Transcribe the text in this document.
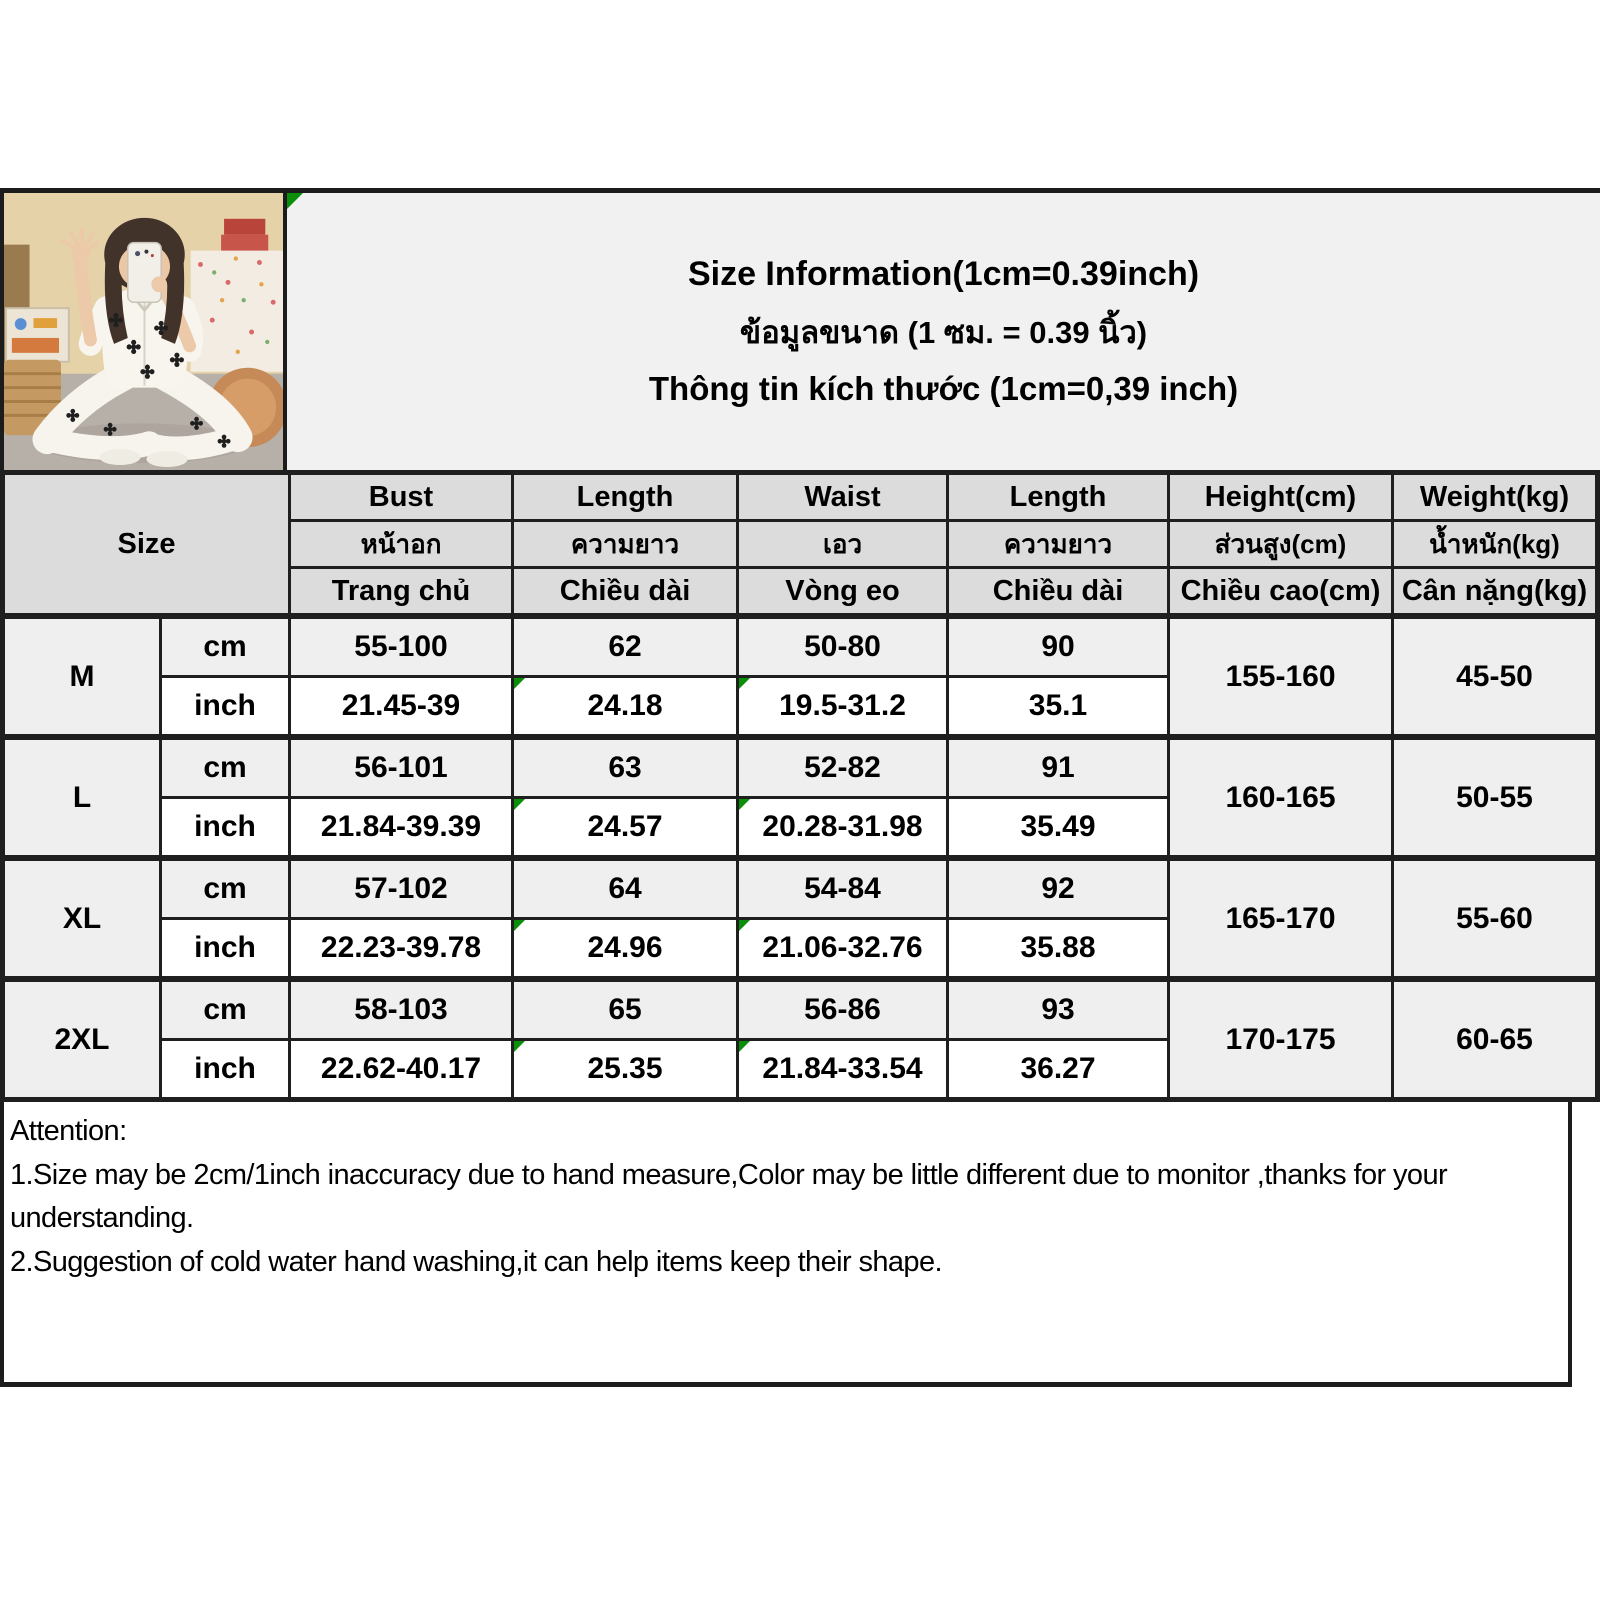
Size Information(1cm=0.39inch)
ข้อมูลขนาด (1 ซม. = 0.39 นิ้ว)
Thông tin kích thước (1cm=0,39 inch)
Size		Bust	Length	Waist	Length	Height(cm)	Weight(kg)
		หน้าอก	ความยาว	เอว	ความยาว	ส่วนสูง(cm)	น้ำหนัก(kg)
		Trang chủ	Chiều dài	Vòng eo	Chiều dài	Chiều cao(cm)	Cân nặng(kg)
M	cm	55-100	62	50-80	90	155-160	45-50
	inch	21.45-39	24.18	19.5-31.2	35.1		
L	cm	56-101	63	52-82	91	160-165	50-55
	inch	21.84-39.39	24.57	20.28-31.98	35.49		
XL	cm	57-102	64	54-84	92	165-170	55-60
	inch	22.23-39.78	24.96	21.06-32.76	35.88		
2XL	cm	58-103	65	56-86	93	170-175	60-65
	inch	22.62-40.17	25.35	21.84-33.54	36.27		
Attention:
1.Size may be 2cm/1inch inaccuracy due to hand measure,Color may be little different due to monitor ,thanks for your understanding.
2.Suggestion of cold water hand washing,it can help items keep their shape.
